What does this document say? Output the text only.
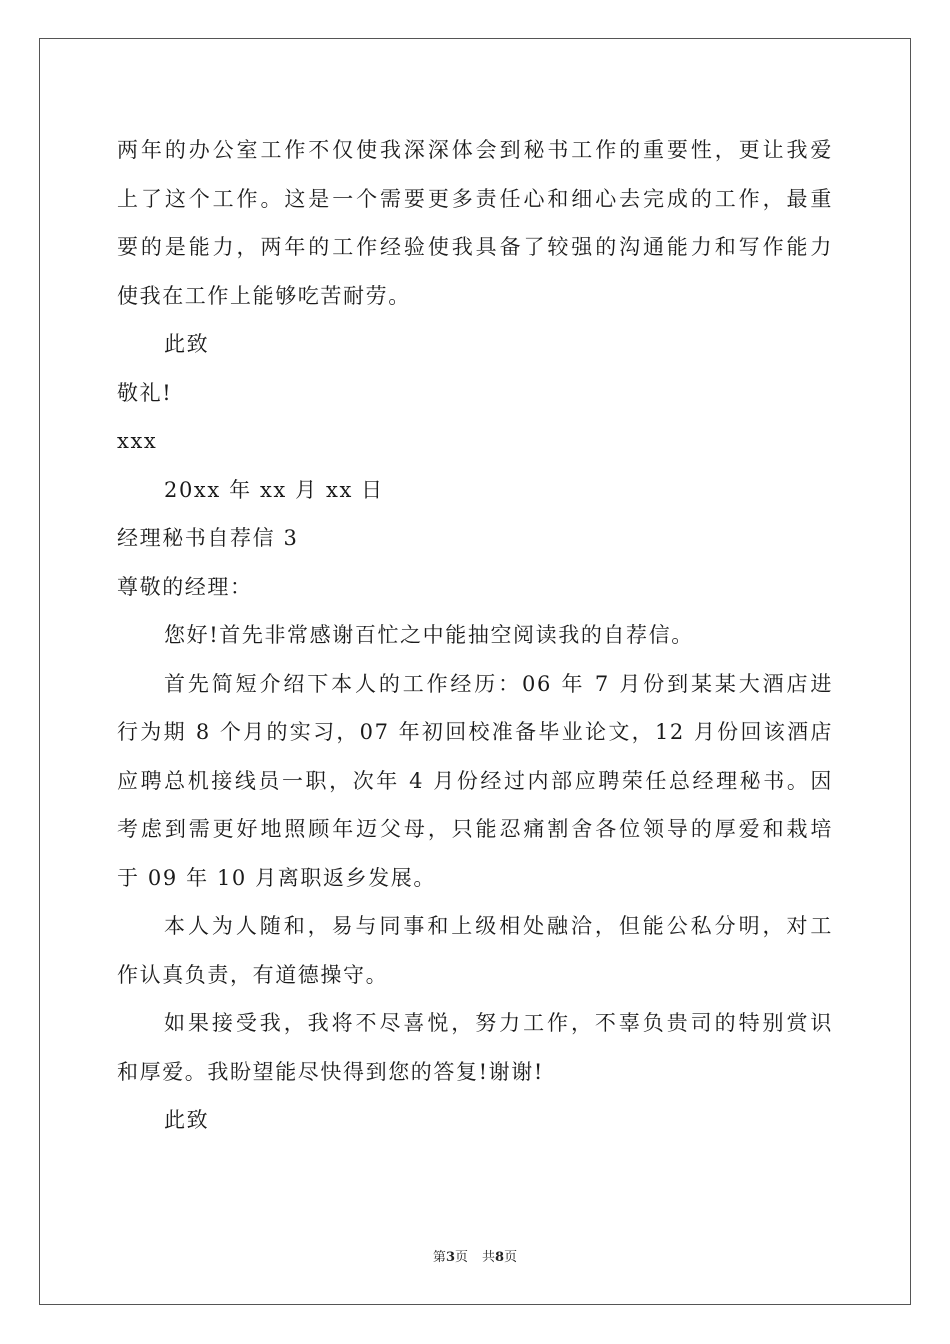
两年的办公室工作不仅使我深深体会到秘书工作的重要性，更让我爱
上了这个工作。这是一个需要更多责任心和细心去完成的工作，最重
要的是能力，两年的工作经验使我具备了较强的沟通能力和写作能力
使我在工作上能够吃苦耐劳。
此致
敬礼!
xxx
20xx 年 xx 月 xx 日
经理秘书自荐信 3
尊敬的经理：
您好!首先非常感谢百忙之中能抽空阅读我的自荐信。
首先简短介绍下本人的工作经历：06 年 7 月份到某某大酒店进
行为期 8 个月的实习，07 年初回校准备毕业论文，12 月份回该酒店
应聘总机接线员一职，次年 4 月份经过内部应聘荣任总经理秘书。因
考虑到需更好地照顾年迈父母，只能忍痛割舍各位领导的厚爱和栽培
于 09 年 10 月离职返乡发展。
本人为人随和，易与同事和上级相处融洽，但能公私分明，对工
作认真负责，有道德操守。
如果接受我，我将不尽喜悦，努力工作，不辜负贵司的特别赏识
和厚爱。我盼望能尽快得到您的答复!谢谢!
此致
第3页 共8页
